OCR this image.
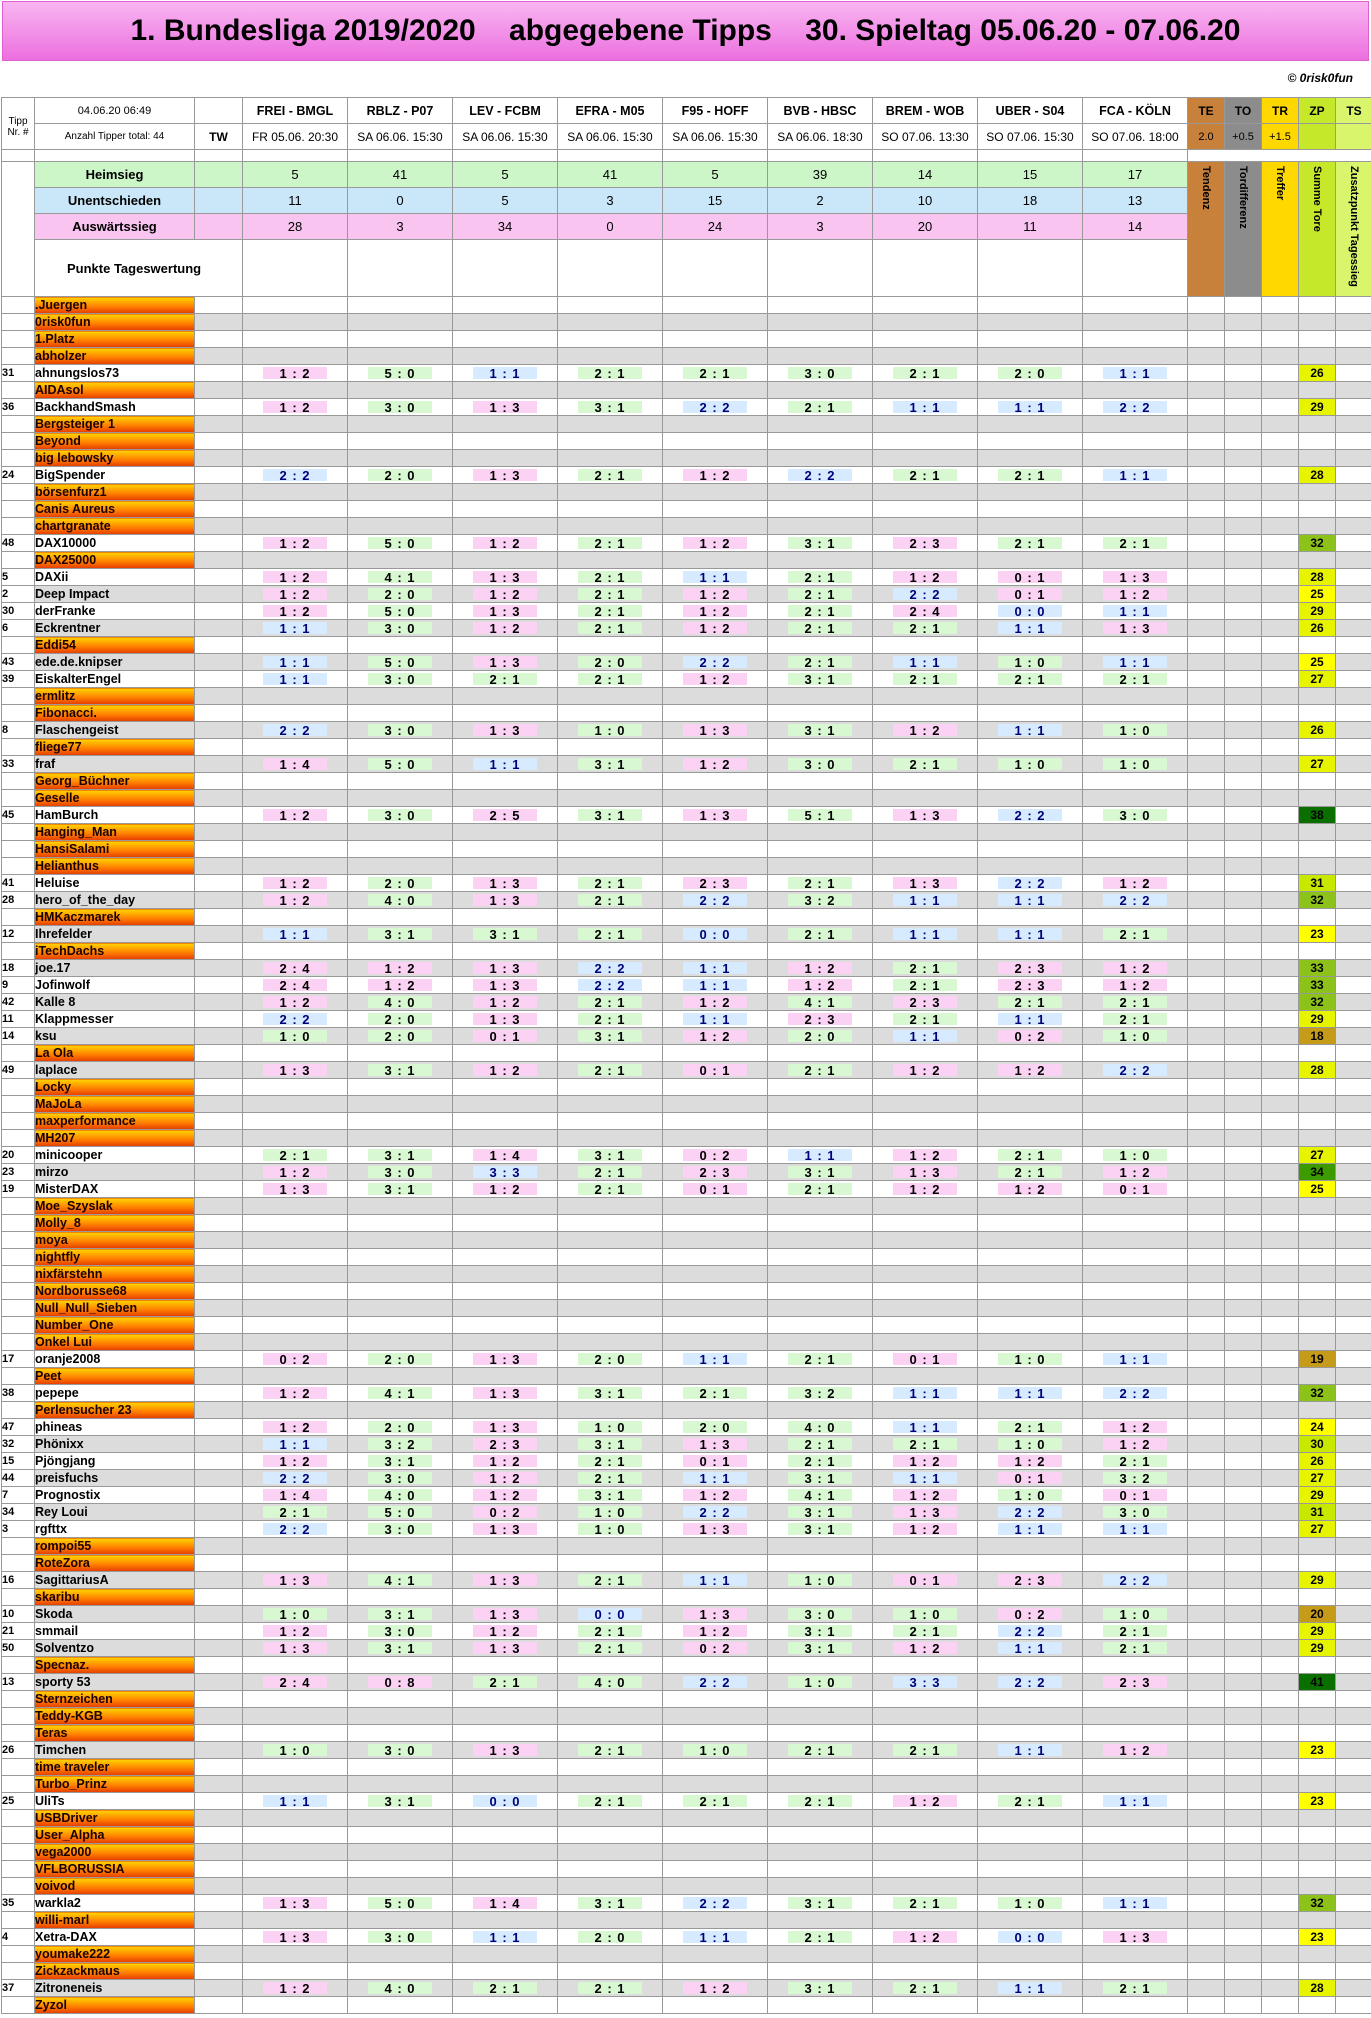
1. Bundesliga 2019/2020    abgegebene Tipps    30. Spieltag 05.06.20 - 07.06.20
© 0risk0fun
Tipp Nr. #	04.06.20 06:49		FREI - BMGL	RBLZ - P07	LEV - FCBM	EFRA - M05	F95 - HOFF	BVB - HBSC	BREM - WOB	UBER - S04	FCA - KÖLN	TE	TO	TR	ZP	TS
	Anzahl Tipper total: 44	TW	FR 05.06. 20:30	SA 06.06. 15:30	SA 06.06. 15:30	SA 06.06. 15:30	SA 06.06. 15:30	SA 06.06. 18:30	SO 07.06. 13:30	SO 07.06. 15:30	SO 07.06. 18:00	2.0	+0.5	+1.5		

	Heimsieg		5	41	5	41	5	39	14	15	17	Tendenz	Tordifferenz	Treffer	Summe Tore	Zusatzpunkt Tagessieg
	Unentschieden		11	0	5	3	15	2	10	18	13					
	Auswärtssieg		28	3	34	0	24	3	20	11	14					
	Punkte Tageswertung															
	.Juergen															
	0risk0fun															
	1.Platz															
	abholzer															
31	ahnungslos73		1 : 2	5 : 0	1 : 1	2 : 1	2 : 1	3 : 0	2 : 1	2 : 0	1 : 1				26	
	AIDAsol															
36	BackhandSmash		1 : 2	3 : 0	1 : 3	3 : 1	2 : 2	2 : 1	1 : 1	1 : 1	2 : 2				29	
	Bergsteiger 1															
	Beyond															
	big lebowsky															
24	BigSpender		2 : 2	2 : 0	1 : 3	2 : 1	1 : 2	2 : 2	2 : 1	2 : 1	1 : 1				28	
	börsenfurz1															
	Canis Aureus															
	chartgranate															
48	DAX10000		1 : 2	5 : 0	1 : 2	2 : 1	1 : 2	3 : 1	2 : 3	2 : 1	2 : 1				32	
	DAX25000															
5	DAXii		1 : 2	4 : 1	1 : 3	2 : 1	1 : 1	2 : 1	1 : 2	0 : 1	1 : 3				28	
2	Deep Impact		1 : 2	2 : 0	1 : 2	2 : 1	1 : 2	2 : 1	2 : 2	0 : 1	1 : 2				25	
30	derFranke		1 : 2	5 : 0	1 : 3	2 : 1	1 : 2	2 : 1	2 : 4	0 : 0	1 : 1				29	
6	Eckrentner		1 : 1	3 : 0	1 : 2	2 : 1	1 : 2	2 : 1	2 : 1	1 : 1	1 : 3				26	
	Eddi54															
43	ede.de.knipser		1 : 1	5 : 0	1 : 3	2 : 0	2 : 2	2 : 1	1 : 1	1 : 0	1 : 1				25	
39	EiskalterEngel		1 : 1	3 : 0	2 : 1	2 : 1	1 : 2	3 : 1	2 : 1	2 : 1	2 : 1				27	
	ermlitz															
	Fibonacci.															
8	Flaschengeist		2 : 2	3 : 0	1 : 3	1 : 0	1 : 3	3 : 1	1 : 2	1 : 1	1 : 0				26	
	fliege77															
33	fraf		1 : 4	5 : 0	1 : 1	3 : 1	1 : 2	3 : 0	2 : 1	1 : 0	1 : 0				27	
	Georg_Büchner															
	Geselle															
45	HamBurch		1 : 2	3 : 0	2 : 5	3 : 1	1 : 3	5 : 1	1 : 3	2 : 2	3 : 0				38	
	Hanging_Man															
	HansiSalami															
	Helianthus															
41	Heluise		1 : 2	2 : 0	1 : 3	2 : 1	2 : 3	2 : 1	1 : 3	2 : 2	1 : 2				31	
28	hero_of_the_day		1 : 2	4 : 0	1 : 3	2 : 1	2 : 2	3 : 2	1 : 1	1 : 1	2 : 2				32	
	HMKaczmarek															
12	Ihrefelder		1 : 1	3 : 1	3 : 1	2 : 1	0 : 0	2 : 1	1 : 1	1 : 1	2 : 1				23	
	iTechDachs															
18	joe.17		2 : 4	1 : 2	1 : 3	2 : 2	1 : 1	1 : 2	2 : 1	2 : 3	1 : 2				33	
9	Jofinwolf		2 : 4	1 : 2	1 : 3	2 : 2	1 : 1	1 : 2	2 : 1	2 : 3	1 : 2				33	
42	Kalle 8		1 : 2	4 : 0	1 : 2	2 : 1	1 : 2	4 : 1	2 : 3	2 : 1	2 : 1				32	
11	Klappmesser		2 : 2	2 : 0	1 : 3	2 : 1	1 : 1	2 : 3	2 : 1	1 : 1	2 : 1				29	
14	ksu		1 : 0	2 : 0	0 : 1	3 : 1	1 : 2	2 : 0	1 : 1	0 : 2	1 : 0				18	
	La Ola															
49	laplace		1 : 3	3 : 1	1 : 2	2 : 1	0 : 1	2 : 1	1 : 2	1 : 2	2 : 2				28	
	Locky															
	MaJoLa															
	maxperformance															
	MH207															
20	minicooper		2 : 1	3 : 1	1 : 4	3 : 1	0 : 2	1 : 1	1 : 2	2 : 1	1 : 0				27	
23	mirzo		1 : 2	3 : 0	3 : 3	2 : 1	2 : 3	3 : 1	1 : 3	2 : 1	1 : 2				34	
19	MisterDAX		1 : 3	3 : 1	1 : 2	2 : 1	0 : 1	2 : 1	1 : 2	1 : 2	0 : 1				25	
	Moe_Szyslak															
	Molly_8															
	moya															
	nightfly															
	nixfärstehn															
	Nordborusse68															
	Null_Null_Sieben															
	Number_One															
	Onkel Lui															
17	oranje2008		0 : 2	2 : 0	1 : 3	2 : 0	1 : 1	2 : 1	0 : 1	1 : 0	1 : 1				19	
	Peet															
38	pepepe		1 : 2	4 : 1	1 : 3	3 : 1	2 : 1	3 : 2	1 : 1	1 : 1	2 : 2				32	
	Perlensucher 23															
47	phineas		1 : 2	2 : 0	1 : 3	1 : 0	2 : 0	4 : 0	1 : 1	2 : 1	1 : 2				24	
32	Phönixx		1 : 1	3 : 2	2 : 3	3 : 1	1 : 3	2 : 1	2 : 1	1 : 0	1 : 2				30	
15	Pjöngjang		1 : 2	3 : 1	1 : 2	2 : 1	0 : 1	2 : 1	1 : 2	1 : 2	2 : 1				26	
44	preisfuchs		2 : 2	3 : 0	1 : 2	2 : 1	1 : 1	3 : 1	1 : 1	0 : 1	3 : 2				27	
7	Prognostix		1 : 4	4 : 0	1 : 2	3 : 1	1 : 2	4 : 1	1 : 2	1 : 0	0 : 1				29	
34	Rey Loui		2 : 1	5 : 0	0 : 2	1 : 0	2 : 2	3 : 1	1 : 3	2 : 2	3 : 0				31	
3	rgfttx		2 : 2	3 : 0	1 : 3	1 : 0	1 : 3	3 : 1	1 : 2	1 : 1	1 : 1				27	
	rompoi55															
	RoteZora															
16	SagittariusA		1 : 3	4 : 1	1 : 3	2 : 1	1 : 1	1 : 0	0 : 1	2 : 3	2 : 2				29	
	skaribu															
10	Skoda		1 : 0	3 : 1	1 : 3	0 : 0	1 : 3	3 : 0	1 : 0	0 : 2	1 : 0				20	
21	smmail		1 : 2	3 : 0	1 : 2	2 : 1	1 : 2	3 : 1	2 : 1	2 : 2	2 : 1				29	
50	Solventzo		1 : 3	3 : 1	1 : 3	2 : 1	0 : 2	3 : 1	1 : 2	1 : 1	2 : 1				29	
	Specnaz.															
13	sporty 53		2 : 4	0 : 8	2 : 1	4 : 0	2 : 2	1 : 0	3 : 3	2 : 2	2 : 3				41	
	Sternzeichen															
	Teddy-KGB															
	Teras															
26	Timchen		1 : 0	3 : 0	1 : 3	2 : 1	1 : 0	2 : 1	2 : 1	1 : 1	1 : 2				23	
	time traveler															
	Turbo_Prinz															
25	UliTs		1 : 1	3 : 1	0 : 0	2 : 1	2 : 1	2 : 1	1 : 2	2 : 1	1 : 1				23	
	USBDriver															
	User_Alpha															
	vega2000															
	VFLBORUSSIA															
	voivod															
35	warkla2		1 : 3	5 : 0	1 : 4	3 : 1	2 : 2	3 : 1	2 : 1	1 : 0	1 : 1				32	
	willi-marl															
4	Xetra-DAX		1 : 3	3 : 0	1 : 1	2 : 0	1 : 1	2 : 1	1 : 2	0 : 0	1 : 3				23	
	youmake222															
	Zickzackmaus															
37	Zitroneneis		1 : 2	4 : 0	2 : 1	2 : 1	1 : 2	3 : 1	2 : 1	1 : 1	2 : 1				28	
	Zyzol															
